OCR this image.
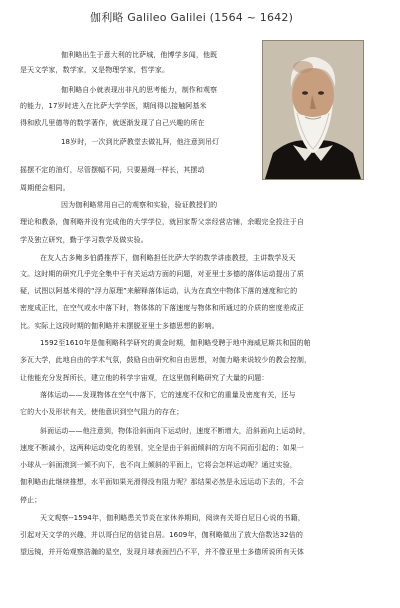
伽利略 Galileo Galilei (1564 ~ 1642)
伽利略出生于意大利的比萨城，他博学多闻，他既
是天文学家，数学家，又是物理学家，哲学家。
伽利略自小就表现出非凡的思考能力，制作和观察
的能力，17岁时进入在比萨大学学医，期间得以接触阿基米
得和欧几里德等的数学著作，就逐渐发现了自己兴趣的所在
18岁时，一次到比萨教堂去做礼拜，他注意到吊灯
摇摆不定的油灯，尽管摆幅不同，只要悬绳一样长，其摆动
周期便会相同。
因为伽利略常用自己的观察和实验，验证教授们的
理论和教条，伽利略并没有完成他的大学学位，就回家帮父亲经营店铺，余暇完全投注于自
学及独立研究，勤于学习数学及做实验。
在友人古多鲍多伯爵推荐下，伽利略担任比萨大学的数学讲座教授，主讲数学及天
文。这时期的研究几乎完全集中于有关运动方面的问题，对亚里士多德的落体运动提出了质
疑，试图以阿基米得的“浮力原理”来解释落体运动，认为在真空中物体下落的速度和它的
密度成正比，在空气或水中落下时，物体体的下落速度与物体和所通过的介质的密度差成正
比。实际上这段时期的伽利略并未摆脱亚里士多德思想的影响。
1592至1610年是伽利略科学研究的黄金时期，伽利略受聘于地中海威尼斯共和国的帕
多瓦大学，此地自由的学术气氛，鼓励自由研究和自由思想，对伽力略来说较少的教会控制，
让他能充分发挥所长，建立他的科学宇宙观，在这里伽利略研究了大量的问题：
落体运动——发现物体在空气中落下，它的速度不仅和它的重量及密度有关，还与
它的大小及形状有关，使他意识到空气阻力的存在；
斜面运动——他注意到，物体沿斜面向下运动时，速度不断增大，沿斜面向上运动时，
速度不断减小，这两种运动变化的差别，完全是由于斜面倾斜的方向不同而引起的；如果一
小球从一斜面滚到一倾不向下，也不向上倾斜的平面上，它将会怎样运动呢？通过实验，
伽利略由此继续推想，水平面如果光滑得没有阻力呢？那结果必然是永远运动下去的，不会
停止；
天文观察--1594年，伽利略患关节炎在家休养期间，阅读有关哥白尼日心说的书籍，
引起对天文学的兴趣，并以哥白尼的信徒自居。1609年，伽利略做出了放大倍数达32倍的
望远镜，并开始观察浩瀚的星空，发现月球表面凹凸不平，并不像亚里士多德所说所有天体
